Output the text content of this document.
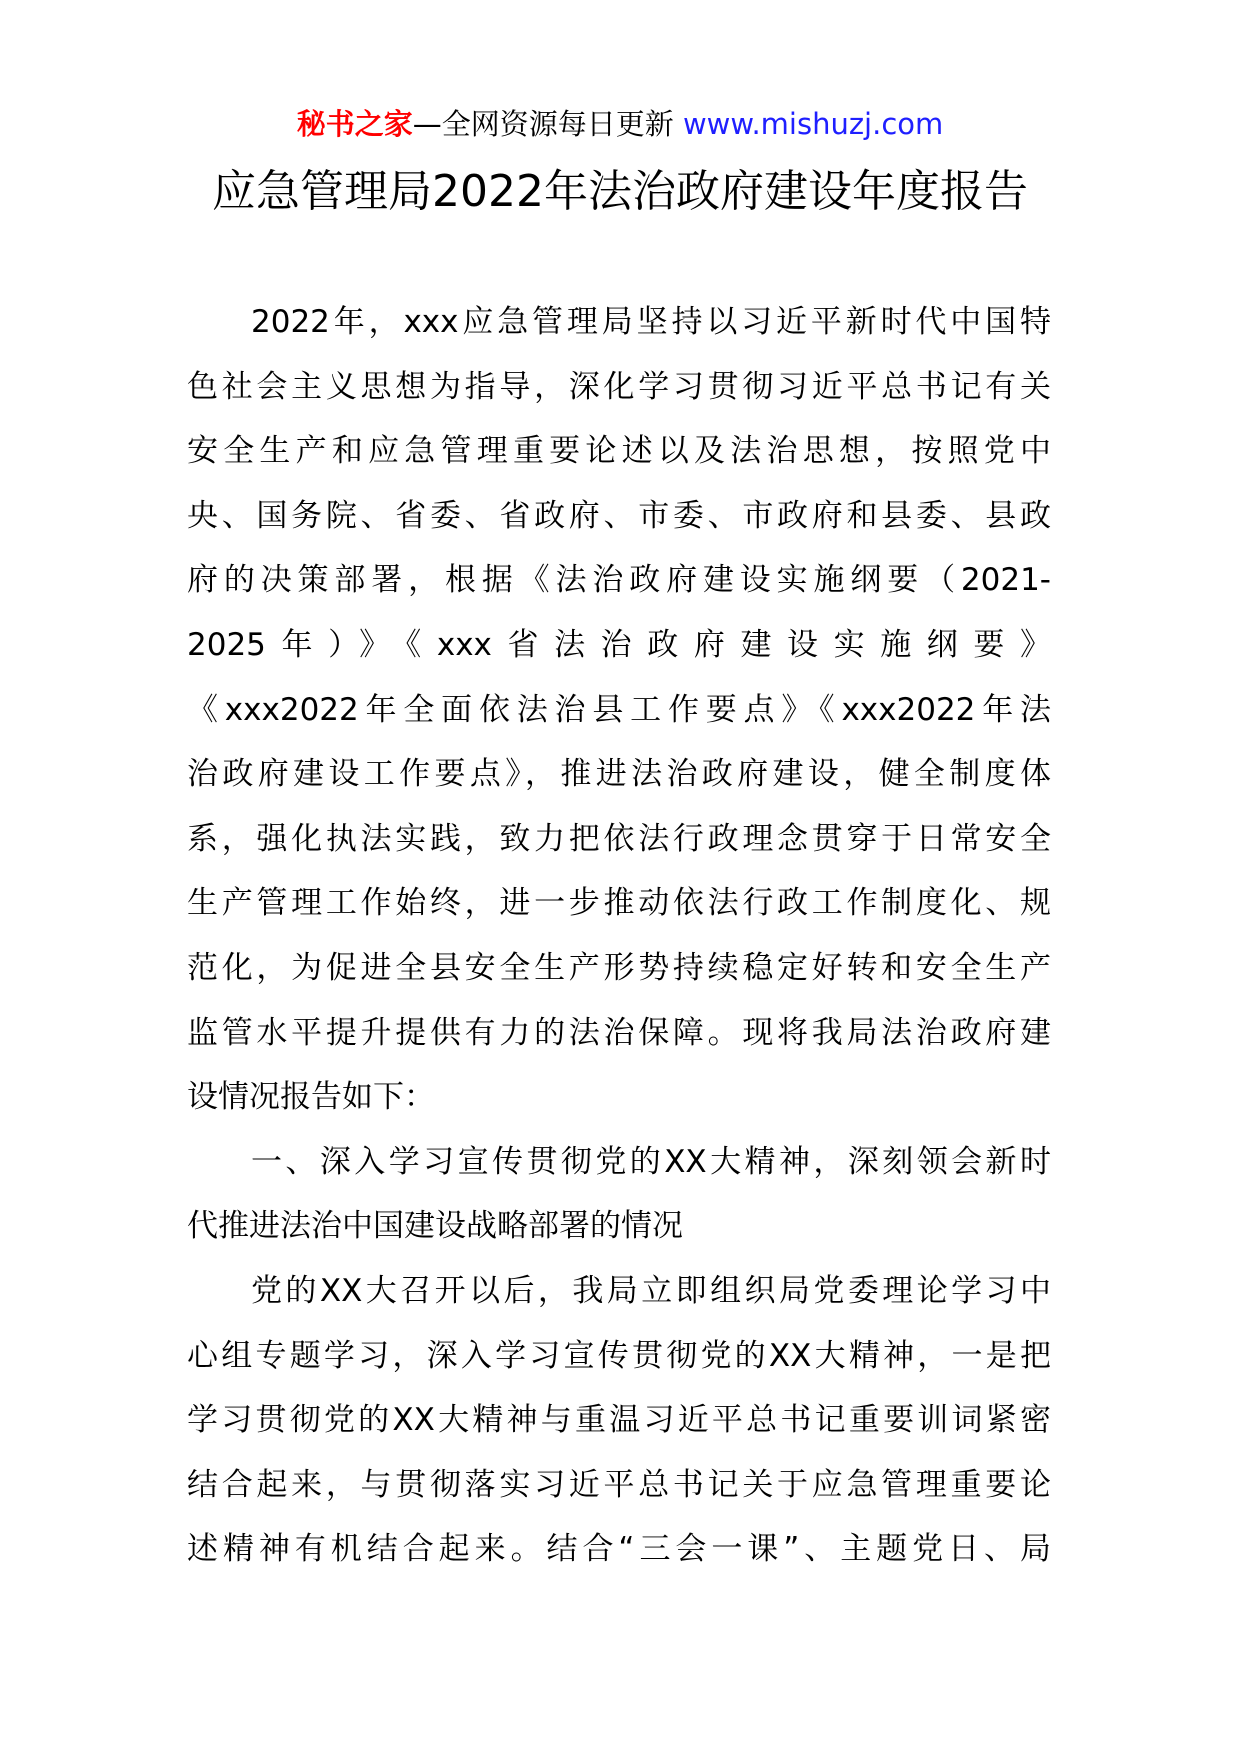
秘书之家—全网资源每日更新 www.mishuzj.com
应急管理局2022年法治政府建设年度报告
2022年，xxx应急管理局坚持以习近平新时代中国特
色社会主义思想为指导，深化学习贯彻习近平总书记有关
安全生产和应急管理重要论述以及法治思想，按照党中
央、国务院、省委、省政府、市委、市政府和县委、县政
府的决策部署，根据《法治政府建设实施纲要（2021-
2025年）》《xxx省法治政府建设实施纲要》
《xxx2022年全面依法治县工作要点》《xxx2022年法
治政府建设工作要点》，推进法治政府建设，健全制度体
系，强化执法实践，致力把依法行政理念贯穿于日常安全
生产管理工作始终，进一步推动依法行政工作制度化、规
范化，为促进全县安全生产形势持续稳定好转和安全生产
监管水平提升提供有力的法治保障。现将我局法治政府建
设情况报告如下：
一、深入学习宣传贯彻党的XX大精神，深刻领会新时
代推进法治中国建设战略部署的情况
党的XX大召开以后，我局立即组织局党委理论学习中
心组专题学习，深入学习宣传贯彻党的XX大精神，一是把
学习贯彻党的XX大精神与重温习近平总书记重要训词紧密
结合起来，与贯彻落实习近平总书记关于应急管理重要论
述精神有机结合起来。结合“三会一课”、主题党日、局
